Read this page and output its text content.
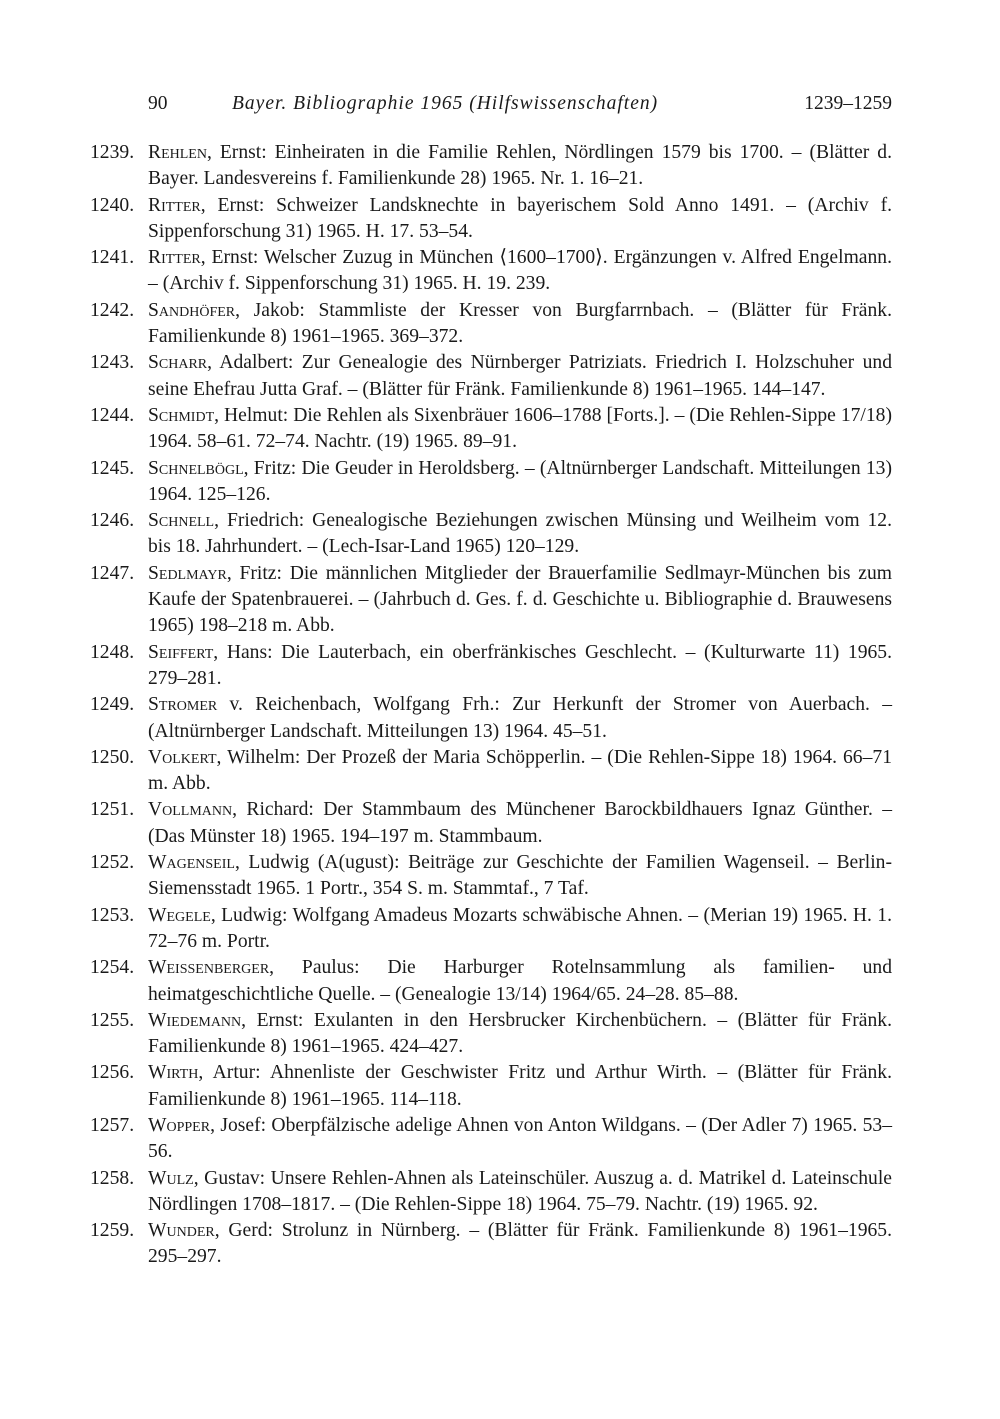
90	Bayer. Bibliographie 1965 (Hilfswissenschaften)	1239–1259
1239. Rehlen, Ernst: Einheiraten in die Familie Rehlen, Nördlingen 1579 bis 1700. – (Blätter d. Bayer. Landesvereins f. Familienkunde 28) 1965. Nr. 1. 16–21.
1240. Ritter, Ernst: Schweizer Landsknechte in bayerischem Sold Anno 1491. – (Archiv f. Sippenforschung 31) 1965. H. 17. 53–54.
1241. Ritter, Ernst: Welscher Zuzug in München ⟨1600–1700⟩. Ergänzungen v. Alfred Engelmann. – (Archiv f. Sippenforschung 31) 1965. H. 19. 239.
1242. Sandhöfer, Jakob: Stammliste der Kresser von Burgfarrnbach. – (Blätter für Fränk. Familienkunde 8) 1961–1965. 369–372.
1243. Scharr, Adalbert: Zur Genealogie des Nürnberger Patriziats. Friedrich I. Holzschuher und seine Ehefrau Jutta Graf. – (Blätter für Fränk. Familienkunde 8) 1961–1965. 144–147.
1244. Schmidt, Helmut: Die Rehlen als Sixenbräuer 1606–1788 [Forts.]. – (Die Rehlen-Sippe 17/18) 1964. 58–61. 72–74. Nachtr. (19) 1965. 89–91.
1245. Schnelbögl, Fritz: Die Geuder in Heroldsberg. – (Altnürnberger Landschaft. Mitteilungen 13) 1964. 125–126.
1246. Schnell, Friedrich: Genealogische Beziehungen zwischen Münsing und Weilheim vom 12. bis 18. Jahrhundert. – (Lech-Isar-Land 1965) 120–129.
1247. Sedlmayr, Fritz: Die männlichen Mitglieder der Brauerfamilie Sedlmayr-München bis zum Kaufe der Spatenbrauerei. – (Jahrbuch d. Ges. f. d. Geschichte u. Bibliographie d. Brauwesens 1965) 198–218 m. Abb.
1248. Seiffert, Hans: Die Lauterbach, ein oberfränkisches Geschlecht. – (Kulturwarte 11) 1965. 279–281.
1249. Stromer v. Reichenbach, Wolfgang Frh.: Zur Herkunft der Stromer von Auerbach. – (Altnürnberger Landschaft. Mitteilungen 13) 1964. 45–51.
1250. Volkert, Wilhelm: Der Prozeß der Maria Schöpperlin. – (Die Rehlen-Sippe 18) 1964. 66–71 m. Abb.
1251. Vollmann, Richard: Der Stammbaum des Münchener Barockbildhauers Ignaz Günther. – (Das Münster 18) 1965. 194–197 m. Stammbaum.
1252. Wagenseil, Ludwig (A(ugust): Beiträge zur Geschichte der Familien Wagenseil. – Berlin-Siemensstadt 1965. 1 Portr., 354 S. m. Stammtaf., 7 Taf.
1253. Wegele, Ludwig: Wolfgang Amadeus Mozarts schwäbische Ahnen. – (Merian 19) 1965. H. 1. 72–76 m. Portr.
1254. Weissenberger, Paulus: Die Harburger Rotelnsammlung als familien- und heimatgeschichtliche Quelle. – (Genealogie 13/14) 1964/65. 24–28. 85–88.
1255. Wiedemann, Ernst: Exulanten in den Hersbrucker Kirchenbüchern. – (Blätter für Fränk. Familienkunde 8) 1961–1965. 424–427.
1256. Wirth, Artur: Ahnenliste der Geschwister Fritz und Arthur Wirth. – (Blätter für Fränk. Familienkunde 8) 1961–1965. 114–118.
1257. Wopper, Josef: Oberpfälzische adelige Ahnen von Anton Wildgans. – (Der Adler 7) 1965. 53–56.
1258. Wulz, Gustav: Unsere Rehlen-Ahnen als Lateinschüler. Auszug a. d. Matrikel d. Lateinschule Nördlingen 1708–1817. – (Die Rehlen-Sippe 18) 1964. 75–79. Nachtr. (19) 1965. 92.
1259. Wunder, Gerd: Strolunz in Nürnberg. – (Blätter für Fränk. Familienkunde 8) 1961–1965. 295–297.
